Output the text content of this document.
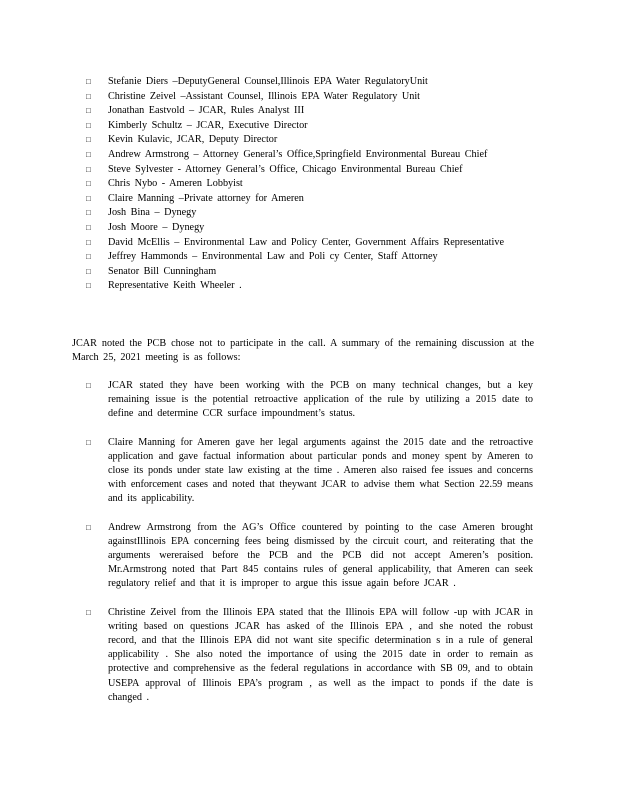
□	Stefanie Diers –DeputyGeneral Counsel,Illinois EPA Water RegulatoryUnit
□	Christine Zeivel –Assistant Counsel, Illinois EPA Water Regulatory Unit
□	Jonathan Eastvold – JCAR, Rules Analyst III
□	Kimberly Schultz – JCAR, Executive Director
□	Kevin Kulavic, JCAR, Deputy Director
□	Andrew Armstrong – Attorney General’s Office,Springfield Environmental Bureau Chief
□	Steve Sylvester - Attorney General’s Office, Chicago Environmental Bureau Chief
□	Chris Nybo - Ameren Lobbyist
□	Claire Manning –Private attorney for Ameren
□	Josh Bina – Dynegy
□	Josh Moore – Dynegy
□	David McEllis – Environmental Law and Policy Center, Government Affairs Representative
□	Jeffrey Hammonds – Environmental Law and Poli cy Center, Staff Attorney
□	Senator Bill Cunningham
□	Representative Keith Wheeler .

JCAR noted the PCB chose not to participate in the call. A summary of the remaining discussion at the March 25, 2021 meeting is as follows:

□	JCAR stated they have been working with the PCB on many technical changes, but a key remaining issue is the potential retroactive application of the rule by utilizing a 2015 date to define and determine CCR surface impoundment’s status.
□	Claire Manning for Ameren gave her legal arguments against the 2015 date and the retroactive application and gave factual information about particular ponds and money spent by Ameren to close its ponds under state law existing at the time . Ameren also raised fee issues and concerns with enforcement cases and noted that theywant JCAR to advise them what Section 22.59 means and its applicability.
□	Andrew Armstrong from the AG’s Office countered by pointing to the case Ameren brought againstIllinois EPA concerning fees being dismissed by the circuit court, and reiterating that the arguments wereraised before the PCB and the PCB did not accept Ameren’s position. Mr.Armstrong noted that Part 845 contains rules of general applicability, that Ameren can seek regulatory relief and that it is improper to argue this issue again before JCAR .
□	Christine Zeivel from the Illinois EPA stated that the Illinois EPA will follow -up with JCAR in writing based on questions JCAR has asked of the Illinois EPA , and she noted the robust record, and that the Illinois EPA did not want site specific determination s in a rule of general applicability . She also noted the importance of using the 2015 date in order to remain as protective and comprehensive as the federal regulations in accordance with SB 09, and to obtain USEPA approval of Illinois EPA’s program , as well as the impact to ponds if the date is changed .
